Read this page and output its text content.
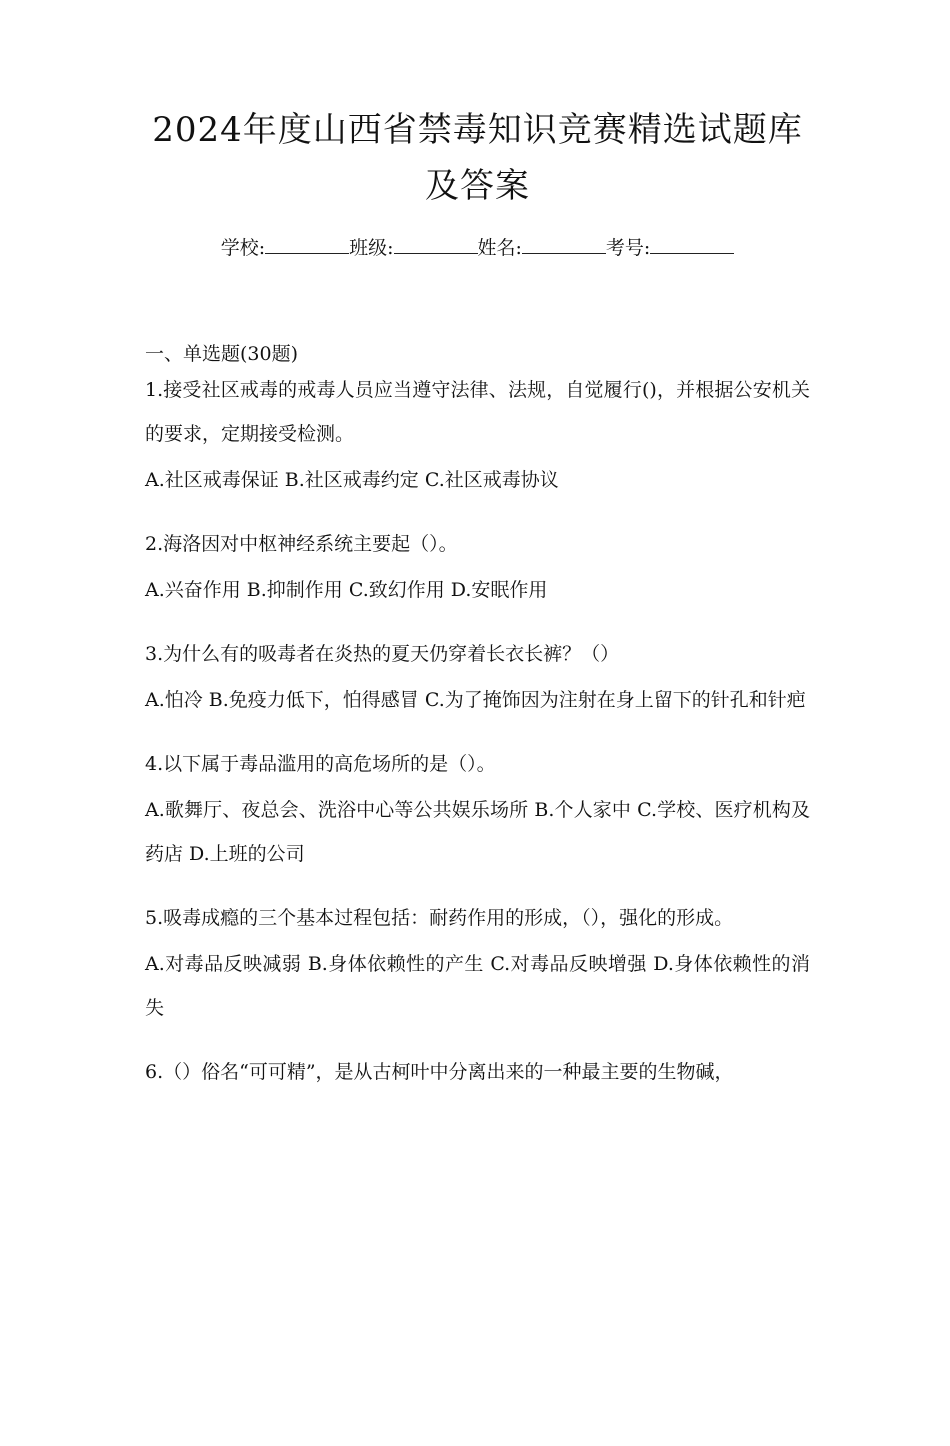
2024年度山西省禁毒知识竞赛精选试题库
及答案
学校:	班级:	姓名:	考号:
一、单选题(30题)

1.接受社区戒毒的戒毒人员应当遵守法律、法规，自觉履行()，并根据公安机关的要求，定期接受检测。

A.社区戒毒保证 B.社区戒毒约定 C.社区戒毒协议

2.海洛因对中枢神经系统主要起（）。

A.兴奋作用 B.抑制作用 C.致幻作用 D.安眠作用

3.为什么有的吸毒者在炎热的夏天仍穿着长衣长裤？（）

A.怕冷 B.免疫力低下，怕得感冒 C.为了掩饰因为注射在身上留下的针孔和针疤

4.以下属于毒品滥用的高危场所的是（）。

A.歌舞厅、夜总会、洗浴中心等公共娱乐场所 B.个人家中 C.学校、医疗机构及药店 D.上班的公司

5.吸毒成瘾的三个基本过程包括：耐药作用的形成，（），强化的形成。

A.对毒品反映减弱 B.身体依赖性的产生 C.对毒品反映增强 D.身体依赖性的消失

6.（）俗名“可可精”，是从古柯叶中分离出来的一种最主要的生物碱，
